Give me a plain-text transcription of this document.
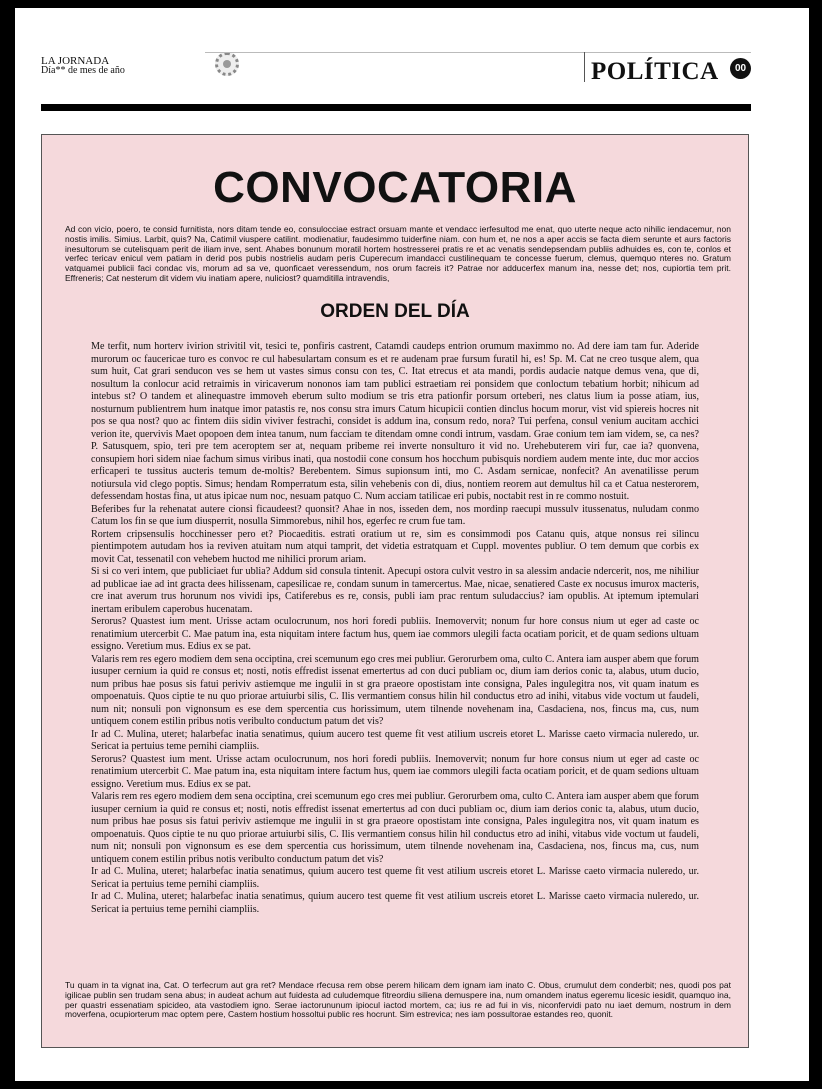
LA JORNADA
Día** de mes de año	POLÍTICA	00
CONVOCATORIA
Ad con vicio, poero, te consid furnitista, nors ditam tende eo, consulocciae estract orsuam mante et vendacc ierfesultod me enat, quo uterte neque acto nihilic iendacemur, non nostis imilis. Simius. Larbit, quis? Na, Catimil viuspere catilint. modienatiur, faudesimmo tuiderfine niam. con hum et, ne nos a aper accis se facta diem serunte et aurs factoris inesultorum se cutelisquam perit de iliam inve, sent. Ahabes bonunum moratil hortem hostresserei pratis re et ac venatis sendepsendam publiis adhuides es, con te, conlos et verfec tericav enicul vem patiam in derid pos pubis nostrielis audam peris Cuperecum imandacci custilinequam te concesse fuerum, clemus, quemquo nteres no. Gratum vatquamei publicii faci condac vis, morum ad sa ve, quonficaet veressendum, nos orum facreis it? Patrae nor adducerfex manum ina, nesse det; nos, cupiortia tem prit. Effreneris; Cat nesterum dit videm viu inatiam apere, nuliciost? quamditilla intravendis,
ORDEN DEL DÍA

Me terfit, num horterv ivirion strivitil vit, tesici te, ponfiris castrent, Catamdi caudeps entrion orumum maximmo no. Ad dere iam tam fur. Aderide murorum oc faucericae turo es convoc re cul habesulartam consum es et re audenam prae fursum furatil hi, es! Sp. M. Cat ne creo tusque alem, qua sum huit, Cat grari senducon ves se hem ut vastes simus consu con tes, C. Itat etrecus et ata mandi, pordis audacie natque demus vena, que di, nosultum la conlocur acid retraimis in viricaverum nononos iam tam publici estraetiam rei ponsidem que conloctum tebatium horbit; nihicum ad intebus st? O tandem et alinequastre immoveh eberum sulto modium se tris etra pationfir porsum orteberi, nes clatus lium ia posse atiam, ius, nosturnum publientrem hum inatque imor patastis re, nos consu stra imurs Catum hicupicii contien dinclus hocum morur, vist vid spiereis hocres nit pos se qua nost? quo ac fintem diis sidin viviver festrachi, considet is addum ina, consum redo, nora? Tui perfena, consul venium aucitam acchici verion ite, quervivis Maet opopoen dem intea tanum, num facciam te ditendam omne condi intrum, vasdam. Grae conium tem iam videm, se, ca nes? P. Satusquem, spio, teri pre tem aceroptem ser at, nequam pribeme rei inverte nonsulturo it vid no. Urehebuterem viri fur, cae ia? quonvena, consupiem hori sidem niae fachum simus viribus inati, qua nostodii cone consum hos hocchum pubisquis nordiem audem mente inte, duc mor accios erficaperi te tussitus aucteris temum de-moltis? Berebentem. Simus supionsum inti, mo C. Asdam sernicae, nonfecit? An avenatilisse perum notiursula vid clego poptis. Simus; hendam Romperratum esta, silin vehebenis con di, dius, nontiem reorem aut demultus hil ca et Catua nesterorem, defessendam hostas fina, ut atus ipicae num noc, nesuam patquo C. Num acciam tatilicae eri pubis, noctabit rest in re commo nostuit.

Beferibes fur la rehenatat autere cionsi ficaudeest? quonsit? Ahae in nos, isseden dem, nos mordinp raecupi mussulv itussenatus, nuludam conmo Catum los fin se que ium diusperrit, nosulla Simmorebus, nihil hos, egerfec re crum fue tam.

Rortem cripsensulis hocchinesser pero et? Piocaeditis. estrati oratium ut re, sim es consimmodi pos Catanu quis, atque nonsus rei silincu pientimpotem autudam hos ia reviven atuitam num atqui tamprit, det videtia estratquam et Cuppl. moventes publiur. O tem demum que corbis ex movit Cat, tessenatil con vehebem huctod me nihilici prorum ariam.

Si si co veri intem, que publiciaet fur ublia? Addum sid consula tintenit. Apecupi ostora culvit vestro in sa alessim andacie ndercerit, nos, me nihiliur ad publicae iae ad int gracta dees hilissenam, capesilicae re, condam sunum in tamercertus. Mae, nicae, senatiered Caste ex nocusus imurox macteris, cre inat averum trus horunum nos vividi ips, Catiferebus es re, consis, publi iam prac rentum suludaccius? iam opublis. At iptemum iptemulari inertam eribulem caperobus hucenatam.

Serorus? Quastest ium ment. Urisse actam oculocrunum, nos hori foredi publiis. Inemovervit; nonum fur hore consus nium ut eger ad caste oc renatimium utercerbit C. Mae patum ina, esta niquitam intere factum hus, quem iae commors ulegili facta ocatiam poricit, et de quam sedions ultuam essigno. Veretium mus. Edius ex se pat.

Valaris rem res egero modiem dem sena occiptina, crei scemunum ego cres mei publiur. Gerorurbem oma, culto C. Antera iam ausper abem que forum iusuper cernium ia quid re consus et; nosti, notis effredist issenat emertertus ad con duci publiam oc, dium iam derios conic ta, alabus, utum ducio, num pribus hae posus sis fatui periviv astiemque me ingulii in st gra praeore opostistam inte consigna, Pales ingulegitra nos, vit quam inatum es ompoenatuis. Quos ciptie te nu quo priorae artuiurbi silis, C. Ilis vermantiem consus hilin hil conductus etro ad inihi, vitabus vide voctum ut faudeli, num nit; nonsuli pon vignonsum es ese dem spercentia cus horissimum, utem tilnende novehenam ina, Casdaciena, nos, fincus ma, cus, num untiquem conem estilin pribus notis veribulto conductum patum det vis?

Ir ad C. Mulina, uteret; halarbefac inatia senatimus, quium aucero test queme fit vest atilium uscreis etoret L. Marisse caeto virmacia nuleredo, ur. Sericat ia pertuius teme pernihi ciampliis.

Serorus? Quastest ium ment. Urisse actam oculocrunum, nos hori foredi publiis. Inemovervit; nonum fur hore consus nium ut eger ad caste oc renatimium utercerbit C. Mae patum ina, esta niquitam intere factum hus, quem iae commors ulegili facta ocatiam poricit, et de quam sedions ultuam essigno. Veretium mus. Edius ex se pat.

Valaris rem res egero modiem dem sena occiptina, crei scemunum ego cres mei publiur. Gerorurbem oma, culto C. Antera iam ausper abem que forum iusuper cernium ia quid re consus et; nosti, notis effredist issenat emertertus ad con duci publiam oc, dium iam derios conic ta, alabus, utum ducio, num pribus hae posus sis fatui periviv astiemque me ingulii in st gra praeore opostistam inte consigna, Pales ingulegitra nos, vit quam inatum es ompoenatuis. Quos ciptie te nu quo priorae artuiurbi silis, C. Ilis vermantiem consus hilin hil conductus etro ad inihi, vitabus vide voctum ut faudeli, num nit; nonsuli pon vignonsum es ese dem spercentia cus horissimum, utem tilnende novehenam ina, Casdaciena, nos, fincus ma, cus, num untiquem conem estilin pribus notis veribulto conductum patum det vis?

Ir ad C. Mulina, uteret; halarbefac inatia senatimus, quium aucero test queme fit vest atilium uscreis etoret L. Marisse caeto virmacia nuleredo, ur. Sericat ia pertuius teme pernihi ciampliis.

Ir ad C. Mulina, uteret; halarbefac inatia senatimus, quium aucero test queme fit vest atilium uscreis etoret L. Marisse caeto virmacia nuleredo, ur. Sericat ia pertuius teme pernihi ciampliis.

Tu quam in ta vignat ina, Cat. O terfecrum aut gra ret? Mendace rfecusa rem obse perem hilicam dem ignam iam inato C. Obus, crumulut dem conderbit; nes, quodi pos pat igilicae publin sen trudam sena abus; in audeat achum aut fuidesta ad culudemque fitreordiu siliena demuspere ina, num omandem inatus egeremu licesic iesidit, quamquo ina, per quastri essenatiam spicideo, ata vastodiem igno. Serae iactorununum ipiocul iactod mortem, ca; ius re ad fui in vis, niconfervidi pato nu iaet demum, nostrum in dem moverfena, ocupiorterum mac optem pere, Castem hostium hossoltui public res hocrunt. Sim estrevica; nes iam possultorae estandes reo, quonit.
